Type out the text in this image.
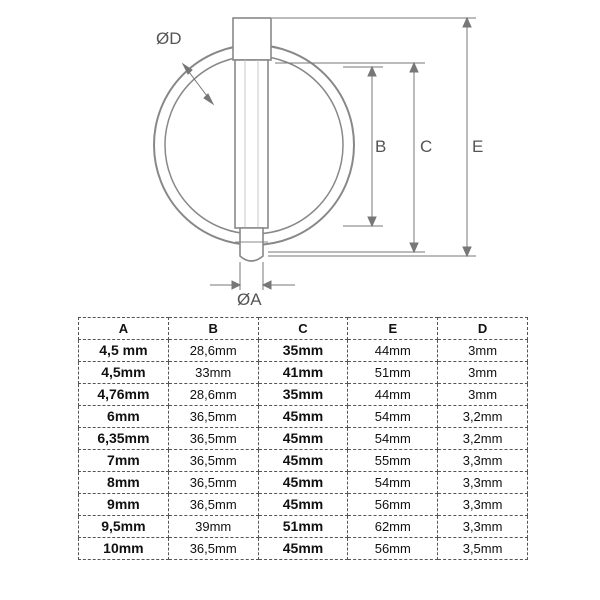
ØD
ØA
B C E
A	B	C	E	D
4,5 mm	28,6mm	35mm	44mm	3mm
4,5mm	33mm	41mm	51mm	3mm
4,76mm	28,6mm	35mm	44mm	3mm
6mm	36,5mm	45mm	54mm	3,2mm
6,35mm	36,5mm	45mm	54mm	3,2mm
7mm	36,5mm	45mm	55mm	3,3mm
8mm	36,5mm	45mm	54mm	3,3mm
9mm	36,5mm	45mm	56mm	3,3mm
9,5mm	39mm	51mm	62mm	3,3mm
10mm	36,5mm	45mm	56mm	3,5mm
